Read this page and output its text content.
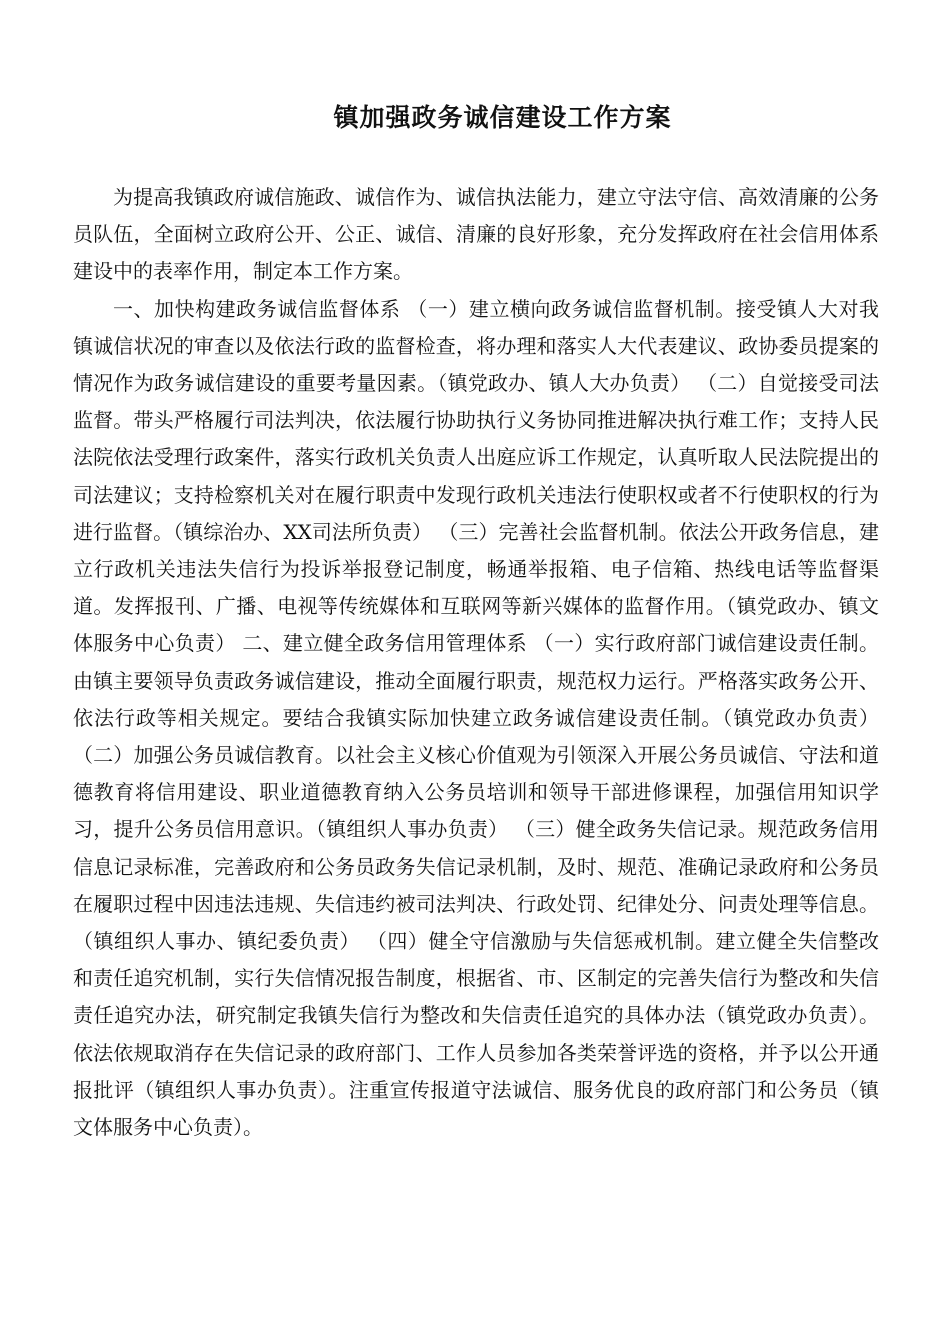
镇加强政务诚信建设工作方案

为提高我镇政府诚信施政、诚信作为、诚信执法能力，建立守法守信、高效清廉的公务员队伍，全面树立政府公开、公正、诚信、清廉的良好形象，充分发挥政府在社会信用体系建设中的表率作用，制定本工作方案。

一、加快构建政务诚信监督体系 （一）建立横向政务诚信监督机制。接受镇人大对我镇诚信状况的审查以及依法行政的监督检查，将办理和落实人大代表建议、政协委员提案的情况作为政务诚信建设的重要考量因素。（镇党政办、镇人大办负责） （二）自觉接受司法监督。带头严格履行司法判决，依法履行协助执行义务协同推进解决执行难工作；支持人民法院依法受理行政案件，落实行政机关负责人出庭应诉工作规定，认真听取人民法院提出的司法建议；支持检察机关对在履行职责中发现行政机关违法行使职权或者不行使职权的行为进行监督。（镇综治办、XX司法所负责） （三）完善社会监督机制。依法公开政务信息，建立行政机关违法失信行为投诉举报登记制度，畅通举报箱、电子信箱、热线电话等监督渠道。发挥报刊、广播、电视等传统媒体和互联网等新兴媒体的监督作用。（镇党政办、镇文体服务中心负责） 二、建立健全政务信用管理体系 （一）实行政府部门诚信建设责任制。由镇主要领导负责政务诚信建设，推动全面履行职责，规范权力运行。严格落实政务公开、依法行政等相关规定。要结合我镇实际加快建立政务诚信建设责任制。（镇党政办负责） （二）加强公务员诚信教育。以社会主义核心价值观为引领深入开展公务员诚信、守法和道德教育将信用建设、职业道德教育纳入公务员培训和领导干部进修课程，加强信用知识学习，提升公务员信用意识。（镇组织人事办负责） （三）健全政务失信记录。规范政务信用信息记录标准，完善政府和公务员政务失信记录机制，及时、规范、准确记录政府和公务员在履职过程中因违法违规、失信违约被司法判决、行政处罚、纪律处分、问责处理等信息。（镇组织人事办、镇纪委负责） （四）健全守信激励与失信惩戒机制。建立健全失信整改和责任追究机制，实行失信情况报告制度，根据省、市、区制定的完善失信行为整改和失信责任追究办法，研究制定我镇失信行为整改和失信责任追究的具体办法（镇党政办负责）。依法依规取消存在失信记录的政府部门、工作人员参加各类荣誉评选的资格，并予以公开通报批评（镇组织人事办负责）。注重宣传报道守法诚信、服务优良的政府部门和公务员（镇文体服务中心负责）。
